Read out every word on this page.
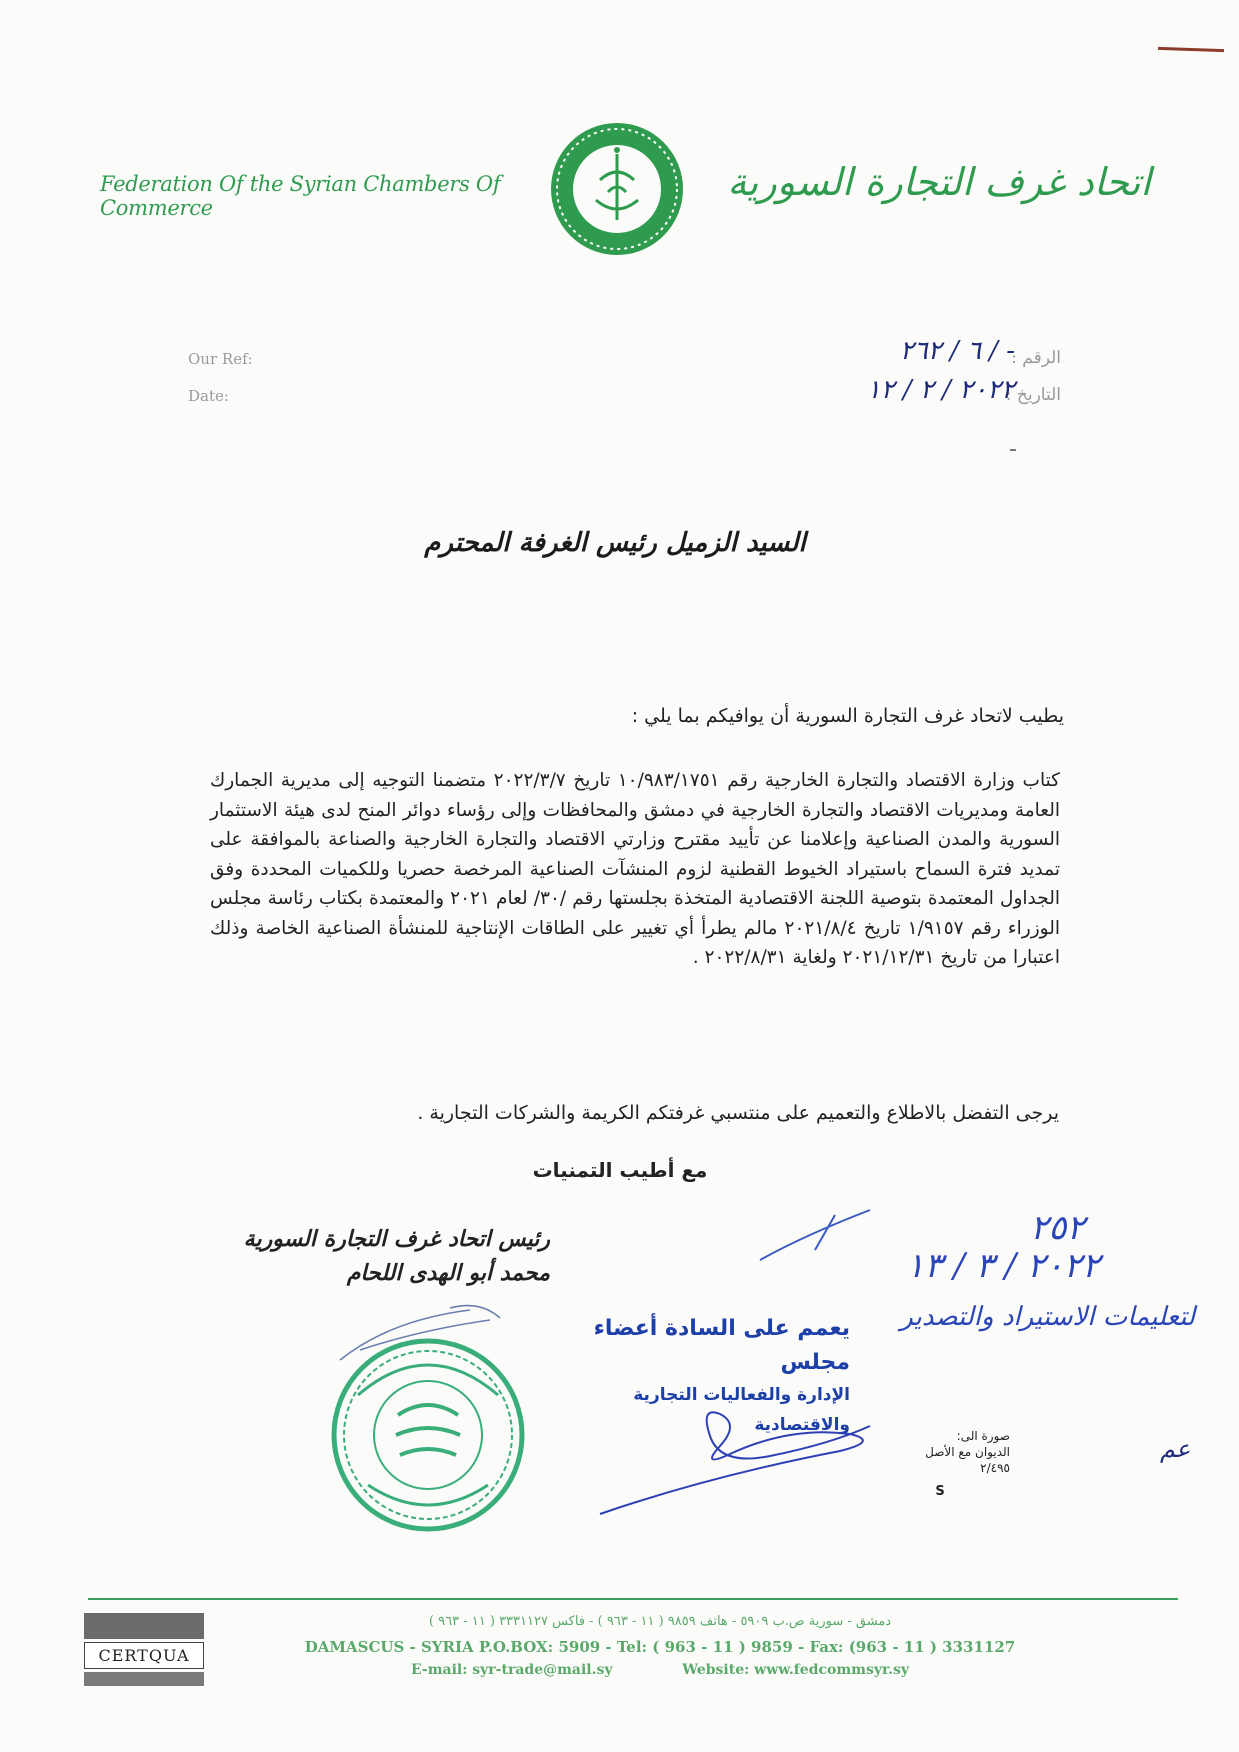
Federation Of the Syrian Chambers Of Commerce
اتحاد غرف التجارة السورية
Our Ref:
Date:
الرقم :
التاريخ :
- / ٦ / ٢٦٢
٢٠٢٢ / ٢ / ١٢
السيد الزميل رئيس الغرفة المحترم
يطيب لاتحاد غرف التجارة السورية أن يوافيكم بما يلي :
كتاب وزارة الاقتصاد والتجارة الخارجية رقم ١٠/٩٨٣/١٧٥١ تاريخ ٢٠٢٢/٣/٧ متضمنا التوجيه إلى مديرية الجمارك العامة ومديريات الاقتصاد والتجارة الخارجية في دمشق والمحافظات وإلى رؤساء دوائر المنح لدى هيئة الاستثمار السورية والمدن الصناعية وإعلامنا عن تأييد مقترح وزارتي الاقتصاد والتجارة الخارجية والصناعة بالموافقة على تمديد فترة السماح باستيراد الخيوط القطنية لزوم المنشآت الصناعية المرخصة حصريا وللكميات المحددة وفق الجداول المعتمدة بتوصية اللجنة الاقتصادية المتخذة بجلستها رقم /٣٠/ لعام ٢٠٢١ والمعتمدة بكتاب رئاسة مجلس الوزراء رقم ١/٩١٥٧ تاريخ ٢٠٢١/٨/٤ مالم يطرأ أي تغيير على الطاقات الإنتاجية للمنشأة الصناعية الخاصة وذلك اعتبارا من تاريخ ٢٠٢١/١٢/٣١ ولغاية ٢٠٢٢/٨/٣١ .
يرجى التفضل بالاطلاع والتعميم على منتسبي غرفتكم الكريمة والشركات التجارية .
مع أطيب التمنيات
رئيس اتحاد غرف التجارة السورية
محمد أبو الهدى اللحام
٢٥٢
٢٠٢٢ / ٣ / ١٣
لتعليمات الاستيراد والتصدير
يعمم على السادة أعضاء مجلس
الإدارة والفعاليات التجارية والاقتصادية
صورة الى:
الديوان مع الأصل
٢/٤٩٥
S
عم
دمشق - سورية ص.ب ٥٩٠٩ - هاتف ٩٨٥٩ ( ١١ - ٩٦٣ ) - فاكس ٣٣٣١١٢٧ ( ١١ - ٩٦٣ )
DAMASCUS - SYRIA P.O.BOX: 5909 - Tel: ( 963 - 11 ) 9859 - Fax: (963 - 11 ) 3331127
E-mail: syr-trade@mail.sy	Website: www.fedcommsyr.sy
CERTQUA
